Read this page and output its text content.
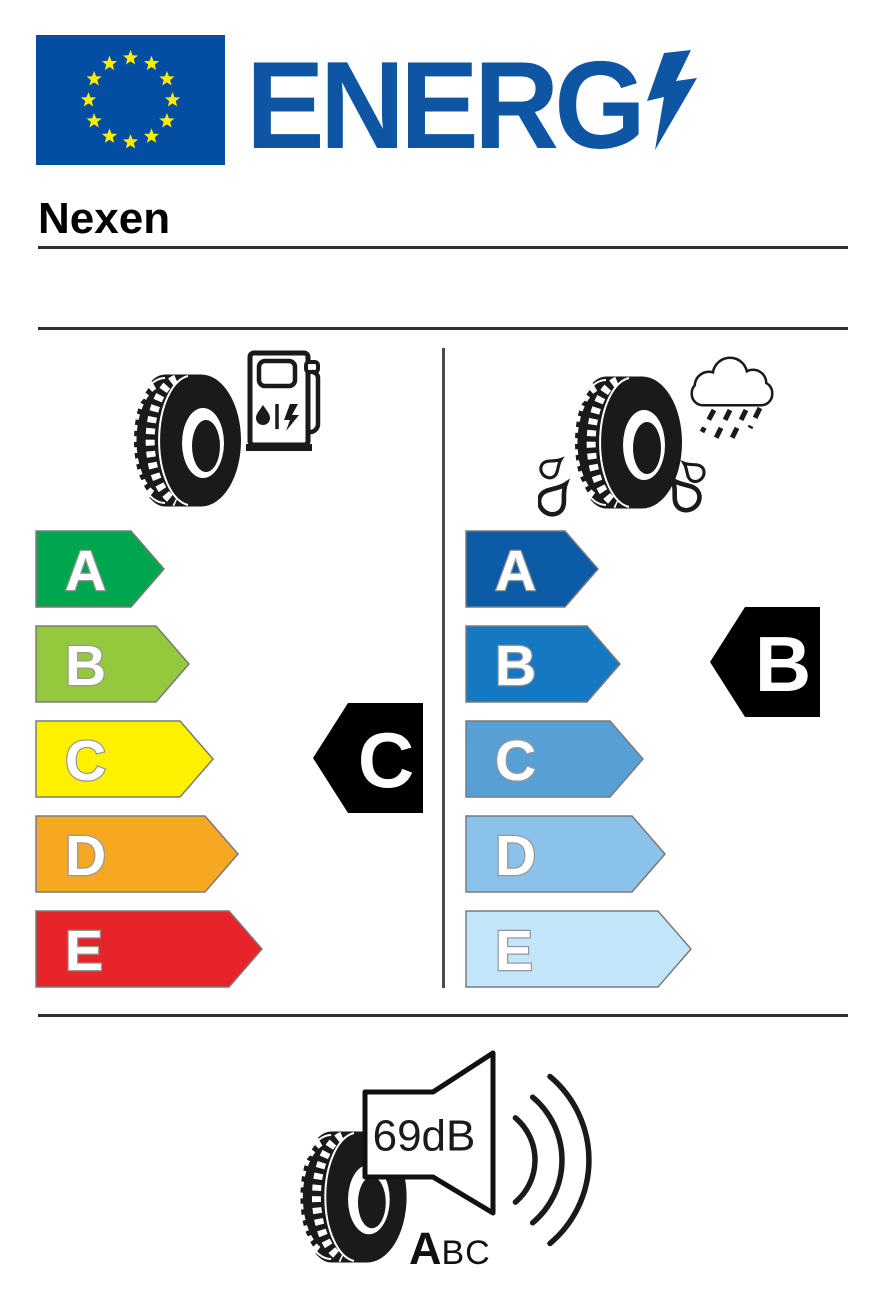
ENERG
Nexen
A
B
C
D
E
C
A
B
C
D
E
B
69dB
A BC
